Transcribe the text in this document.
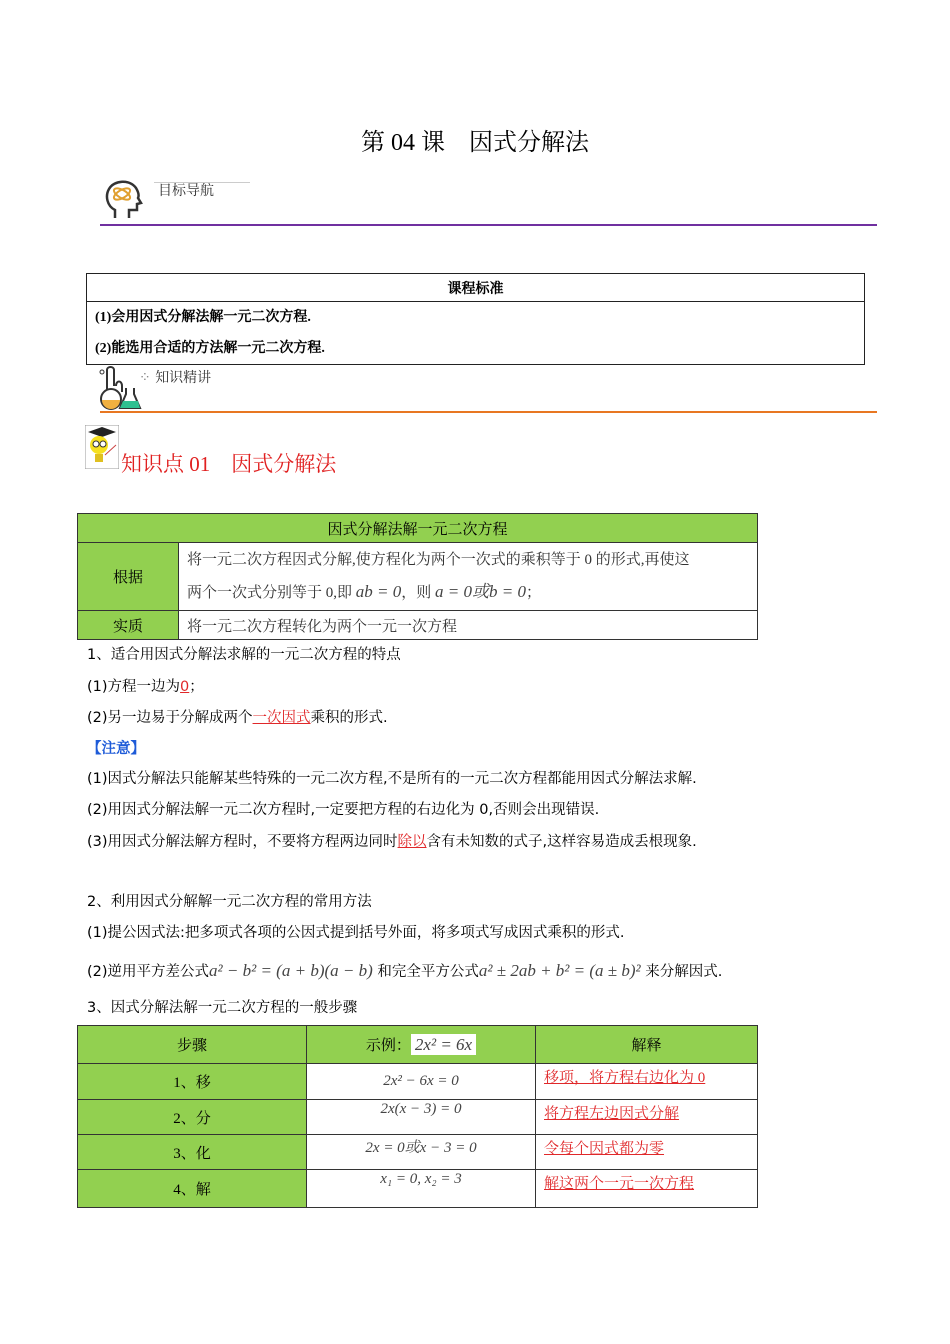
第 04 课　因式分解法
目标导航
课程标准

(1)会用因式分解法解一元二次方程.
(2)能选用合适的方法解一元二次方程.
⁘ 知识精讲
知识点 01　因式分解法
因式分解法解一元二次方程	
根据	将一元二次方程因式分解,使方程化为两个一次式的乘积等于 0 的形式,再使这
两个一次式分别等于 0,即 ab = 0，则 a = 0或b = 0；

实质	将一元二次方程转化为两个一元一次方程
1、适合用因式分解法求解的一元二次方程的特点
(1)方程一边为0；
(2)另一边易于分解成两个一次因式乘积的形式.
【注意】
(1)因式分解法只能解某些特殊的一元二次方程,不是所有的一元二次方程都能用因式分解法求解.
(2)用因式分解法解一元二次方程时,一定要把方程的右边化为 0,否则会出现错误.
(3)用因式分解法解方程时，不要将方程两边同时除以含有未知数的式子,这样容易造成丢根现象.
2、利用因式分解解一元二次方程的常用方法
(1)提公因式法:把多项式各项的公因式提到括号外面，将多项式写成因式乘积的形式.
(2)逆用平方差公式a² − b² = (a + b)(a − b) 和完全平方公式a² ± 2ab + b² = (a ± b)² 来分解因式.
3、因式分解法解一元二次方程的一般步骤
步骤	示例： 2x² = 6x	解释
1、移	2x² − 6x = 0	移项，将方程右边化为 0
2、分	2x(x − 3) = 0	将方程左边因式分解
3、化	2x = 0或x − 3 = 0	令每个因式都为零
4、解	x₁ = 0, x₂ = 3	解这两个一元一次方程
